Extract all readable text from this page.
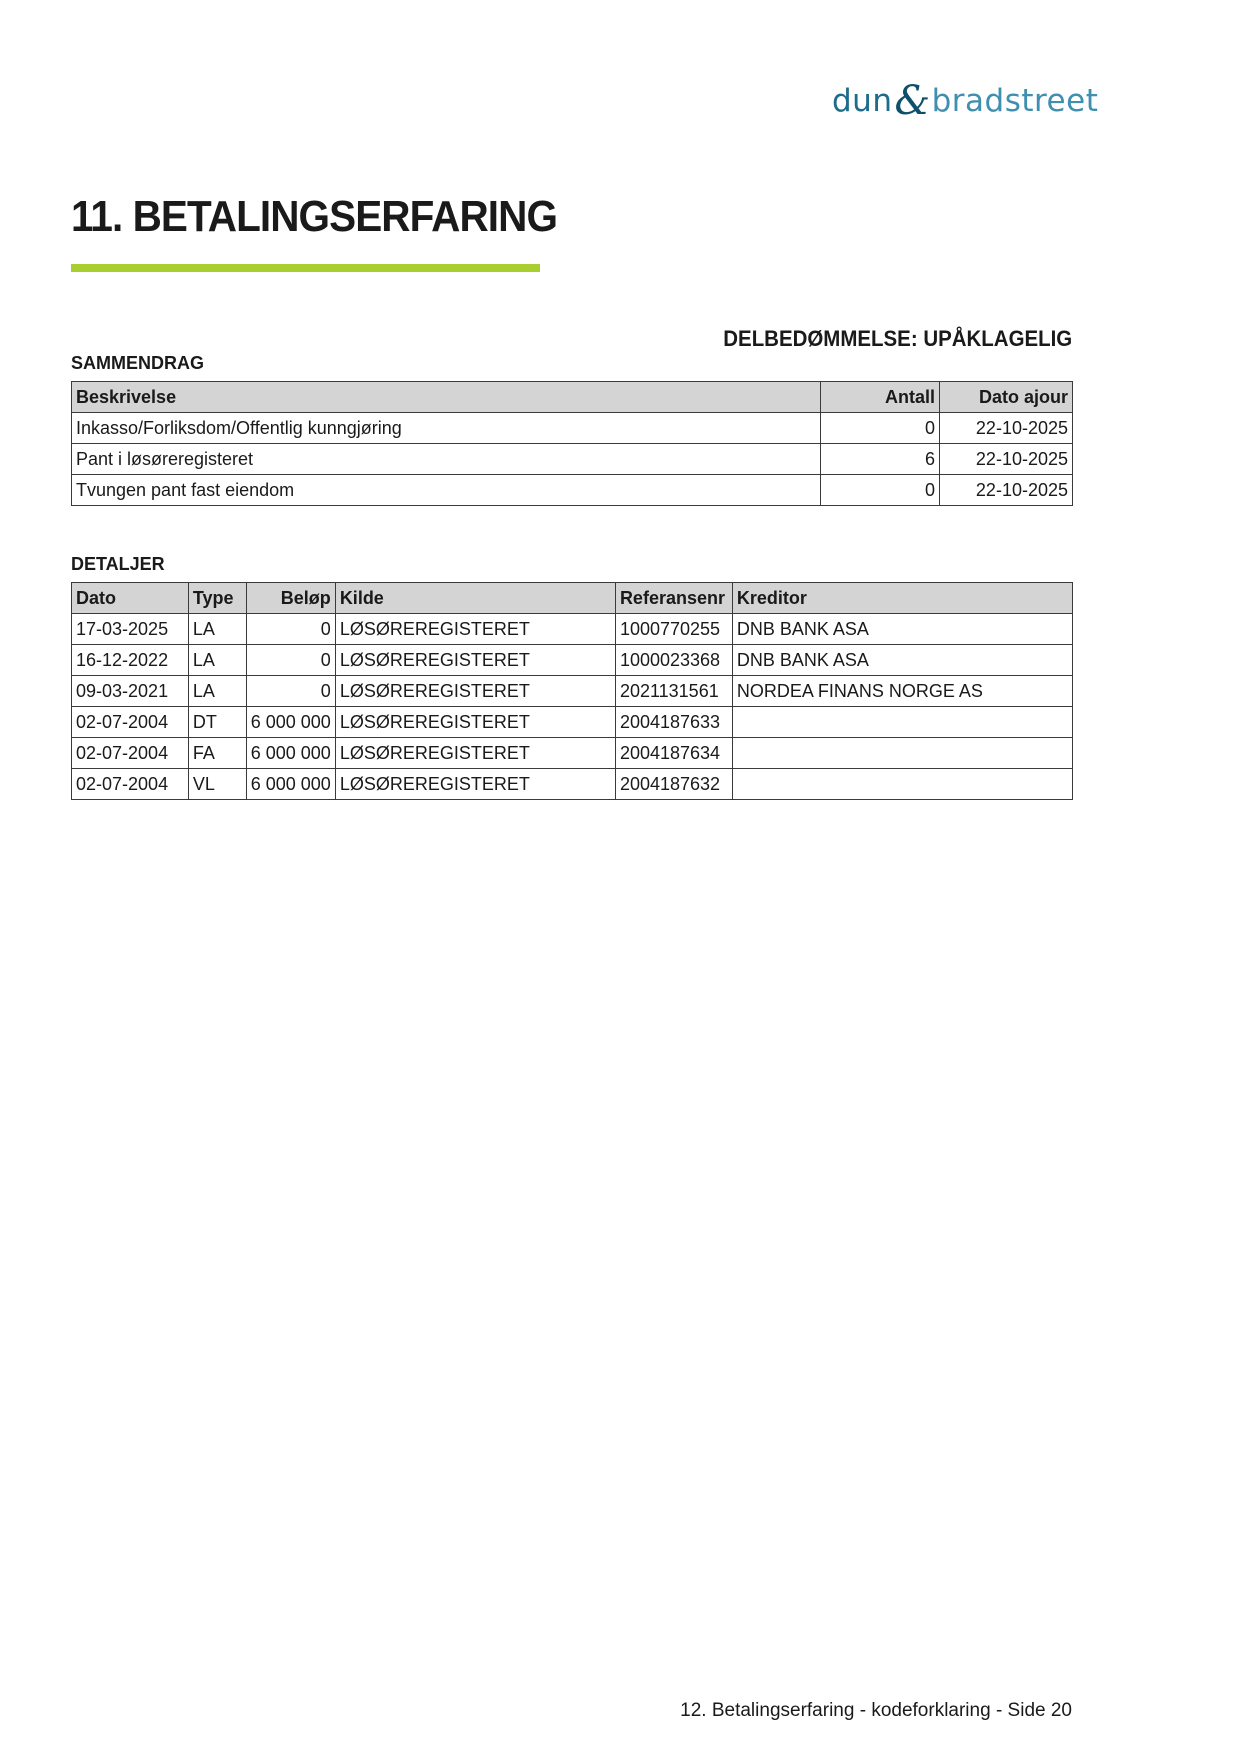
dun & bradstreet
11. BETALINGSERFARING
DELBEDØMMELSE: UPÅKLAGELIG
SAMMENDRAG
Beskrivelse	Antall	Dato ajour
Inkasso/Forliksdom/Offentlig kunngjøring	0	22-10-2025
Pant i løsøreregisteret	6	22-10-2025
Tvungen pant fast eiendom	0	22-10-2025
DETALJER
Dato	Type	Beløp	Kilde	Referansenr	Kreditor
17-03-2025	LA	0	LØSØREREGISTERET	1000770255	DNB BANK ASA
16-12-2022	LA	0	LØSØREREGISTERET	1000023368	DNB BANK ASA
09-03-2021	LA	0	LØSØREREGISTERET	2021131561	NORDEA FINANS NORGE AS
02-07-2004	DT	6 000 000	LØSØREREGISTERET	2004187633	
02-07-2004	FA	6 000 000	LØSØREREGISTERET	2004187634	
02-07-2004	VL	6 000 000	LØSØREREGISTERET	2004187632	
12. Betalingserfaring - kodeforklaring - Side 20
